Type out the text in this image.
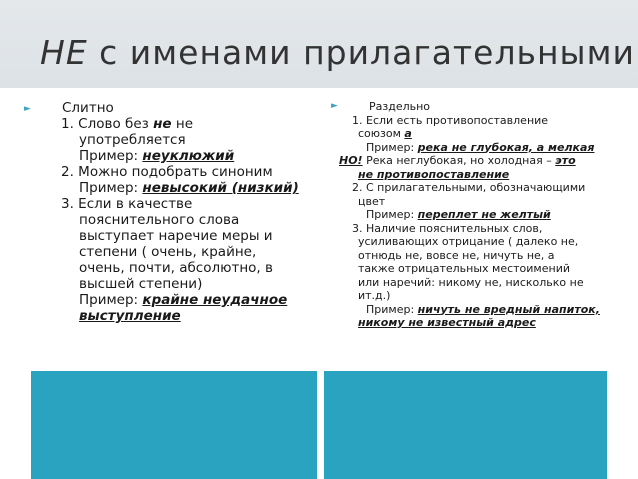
НЕ с именами прилагательными
► Слитно
1. Слово без не не
употребляется
Пример: неуклюжий
2. Можно подобрать синоним
Пример: невысокий (низкий)
3. Если в качестве
пояснительного слова
выступает наречие меры и
степени ( очень, крайне,
очень, почти, абсолютно, в
высшей степени)
Пример: крайне неудачное
выступление
►	Раздельно
1. Если есть противопоставление
союзом а
Пример: река не глубокая, а мелкая
НО! Река неглубокая, но холодная – это
не противопоставление
2. С прилагательными, обозначающими
цвет
Пример: переплет не желтый
3. Наличие пояснительных слов,
усиливающих отрицание ( далеко не,
отнюдь не, вовсе не, ничуть не, а
также отрицательных местоимений
или наречий: никому не, нисколько не
ит.д.)
Пример: ничуть не вредный напиток,
никому не известный адрес
